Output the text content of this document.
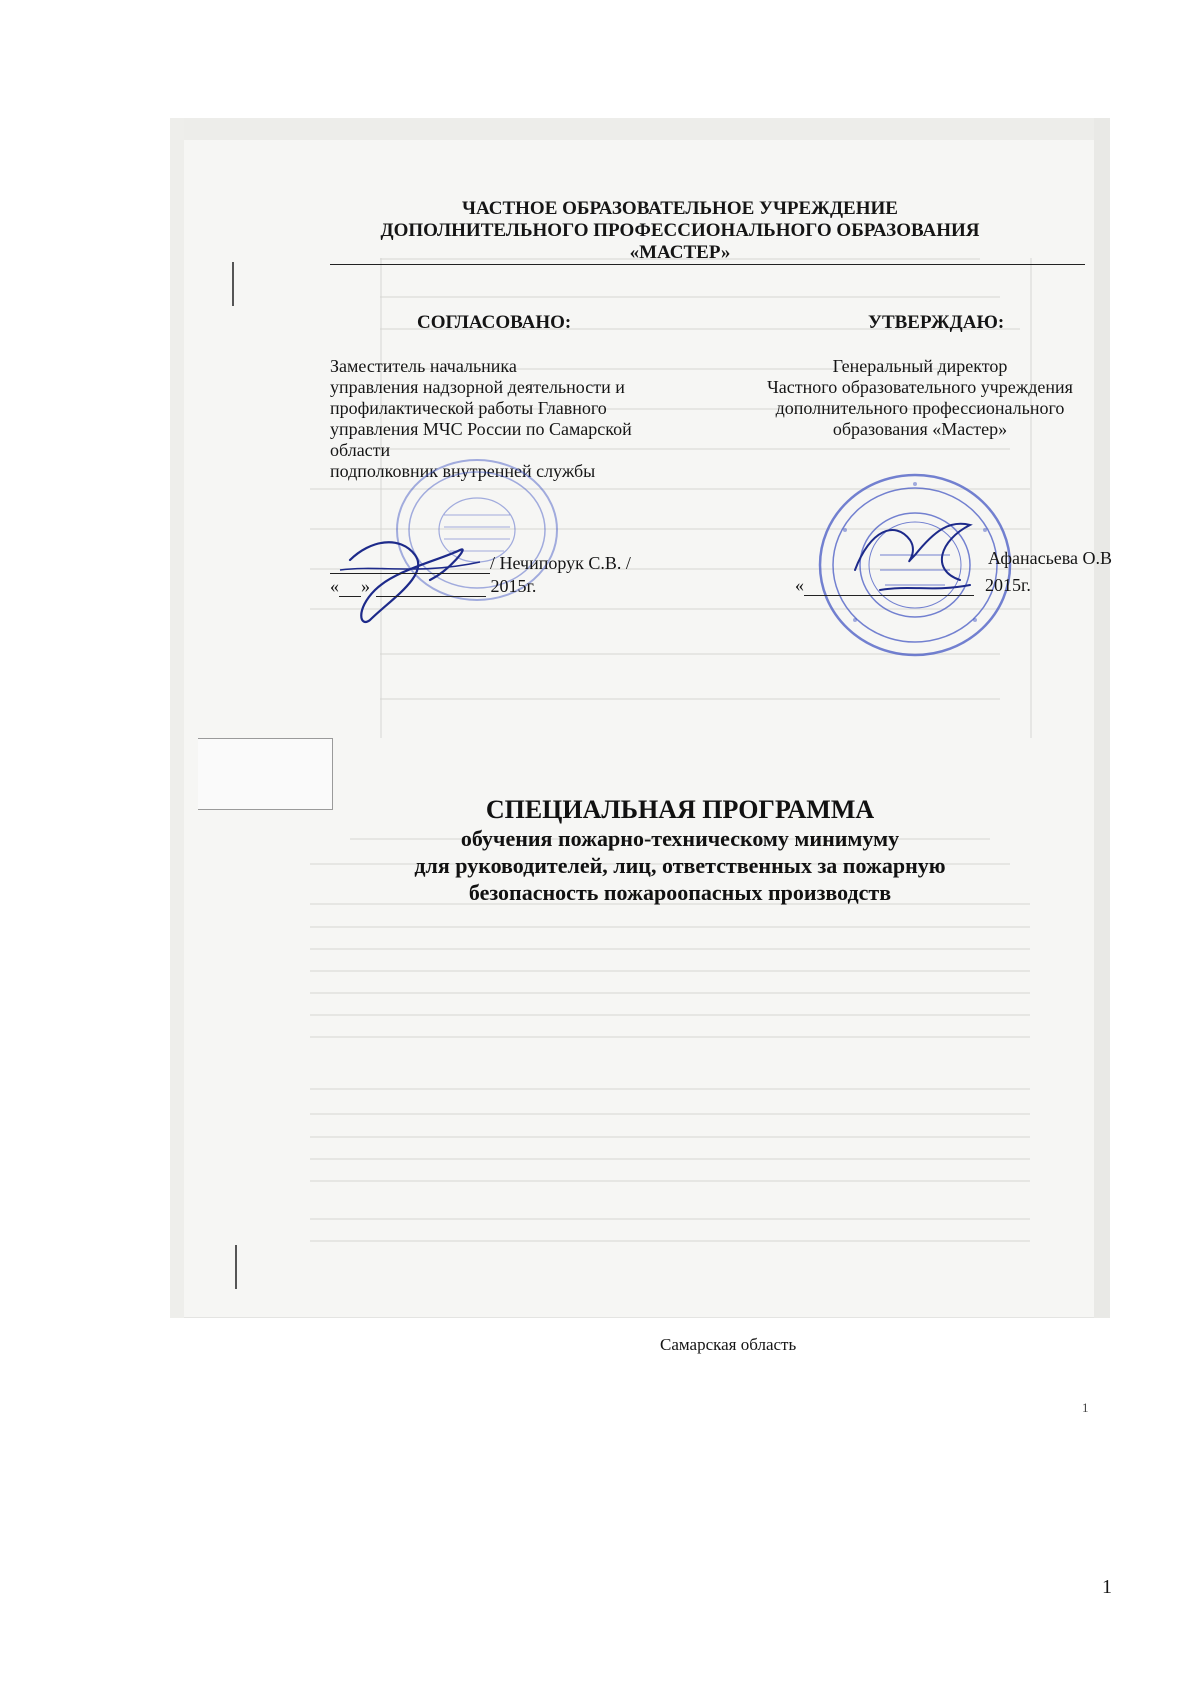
ЧАСТНОЕ ОБРАЗОВАТЕЛЬНОЕ УЧРЕЖДЕНИЕ
ДОПОЛНИТЕЛЬНОГО ПРОФЕССИОНАЛЬНОГО ОБРАЗОВАНИЯ
«МАСТЕР»
СОГЛАСОВАНО:	УТВЕРЖДАЮ:
Заместитель начальника
управления надзорной деятельности и
профилактической работы Главного
управления МЧС России по Самарской
области
подполковник внутренней службы
Генеральный директор
Частного образовательного учреждения
дополнительного профессионального
образования «Мастер»
/ Нечипорук С.В. /
« »	2015г.
Афанасьева О.В
«	2015г.
СПЕЦИАЛЬНАЯ ПРОГРАММА
обучения пожарно-техническому минимуму
для руководителей, лиц, ответственных за пожарную
безопасность пожароопасных производств
Самарская область
1
1
